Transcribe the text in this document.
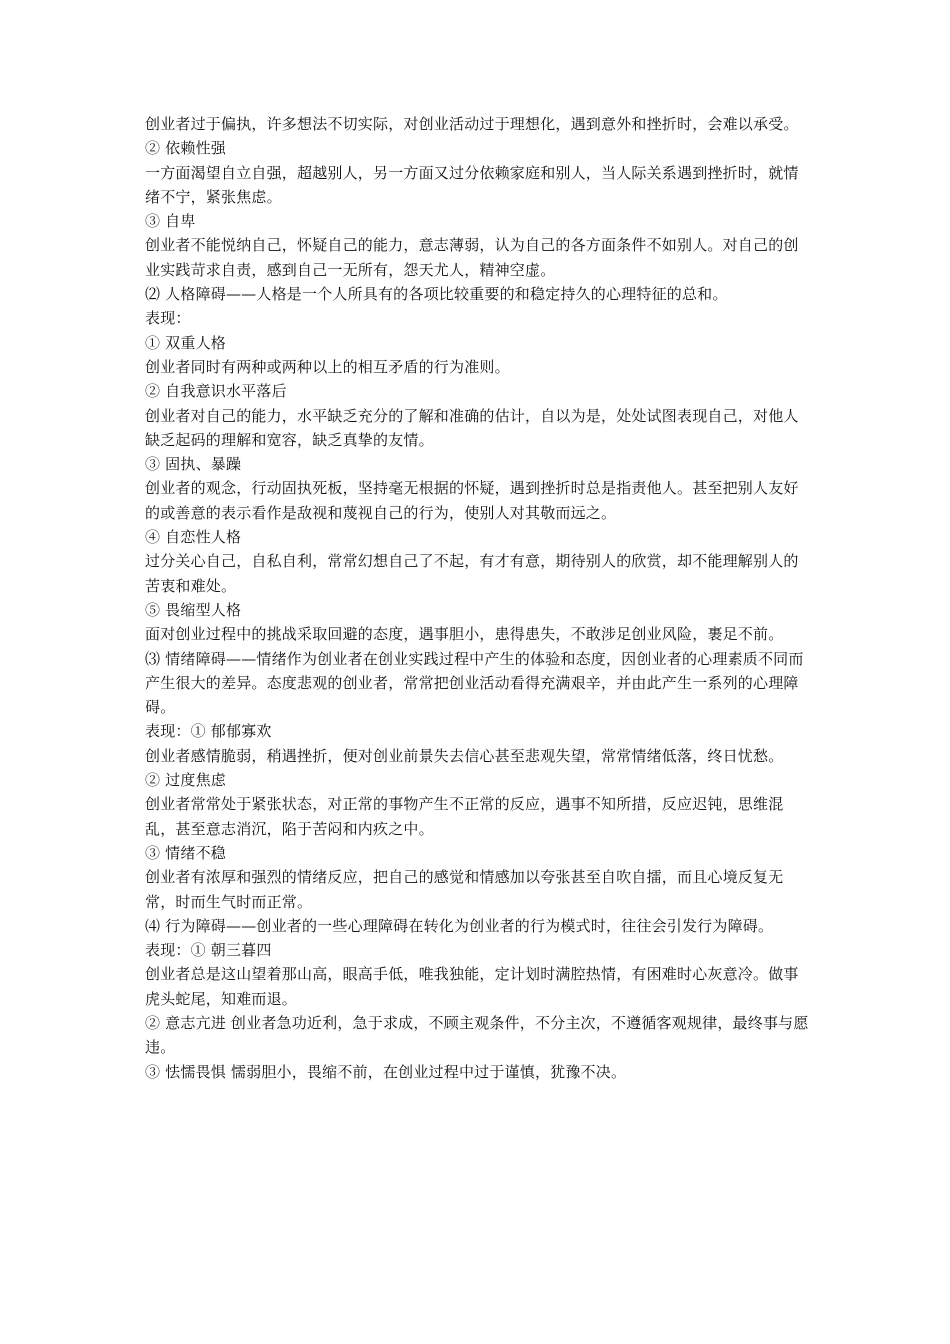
创业者过于偏执，许多想法不切实际，对创业活动过于理想化，遇到意外和挫折时，会难以承受。
② 依赖性强
一方面渴望自立自强，超越别人，另一方面又过分依赖家庭和别人，当人际关系遇到挫折时，就情绪不宁，紧张焦虑。
③ 自卑
创业者不能悦纳自己，怀疑自己的能力，意志薄弱，认为自己的各方面条件不如别人。对自己的创业实践苛求自责，感到自己一无所有，怨天尤人，精神空虚。
⑵ 人格障碍——人格是一个人所具有的各项比较重要的和稳定持久的心理特征的总和。
表现：
① 双重人格
创业者同时有两种或两种以上的相互矛盾的行为准则。
② 自我意识水平落后
创业者对自己的能力，水平缺乏充分的了解和准确的估计，自以为是，处处试图表现自己，对他人缺乏起码的理解和宽容，缺乏真挚的友情。
③ 固执、暴躁
创业者的观念，行动固执死板，坚持毫无根据的怀疑，遇到挫折时总是指责他人。甚至把别人友好的或善意的表示看作是敌视和蔑视自己的行为，使别人对其敬而远之。
④ 自恋性人格
过分关心自己，自私自利，常常幻想自己了不起，有才有意，期待别人的欣赏，却不能理解别人的苦衷和难处。
⑤ 畏缩型人格
面对创业过程中的挑战采取回避的态度，遇事胆小，患得患失，不敢涉足创业风险，裹足不前。
⑶ 情绪障碍——情绪作为创业者在创业实践过程中产生的体验和态度，因创业者的心理素质不同而产生很大的差异。态度悲观的创业者，常常把创业活动看得充满艰辛，并由此产生一系列的心理障碍。
表现：① 郁郁寡欢
创业者感情脆弱，稍遇挫折，便对创业前景失去信心甚至悲观失望，常常情绪低落，终日忧愁。
② 过度焦虑
创业者常常处于紧张状态，对正常的事物产生不正常的反应，遇事不知所措，反应迟钝，思维混乱，甚至意志消沉，陷于苦闷和内疚之中。
③ 情绪不稳
创业者有浓厚和强烈的情绪反应，把自己的感觉和情感加以夸张甚至自吹自擂，而且心境反复无常，时而生气时而正常。
⑷ 行为障碍——创业者的一些心理障碍在转化为创业者的行为模式时，往往会引发行为障碍。
表现：① 朝三暮四
创业者总是这山望着那山高，眼高手低，唯我独能，定计划时满腔热情，有困难时心灰意冷。做事虎头蛇尾，知难而退。
② 意志亢进 创业者急功近利，急于求成，不顾主观条件，不分主次，不遵循客观规律，最终事与愿违。
③ 怯懦畏惧 懦弱胆小，畏缩不前，在创业过程中过于谨慎，犹豫不决。
